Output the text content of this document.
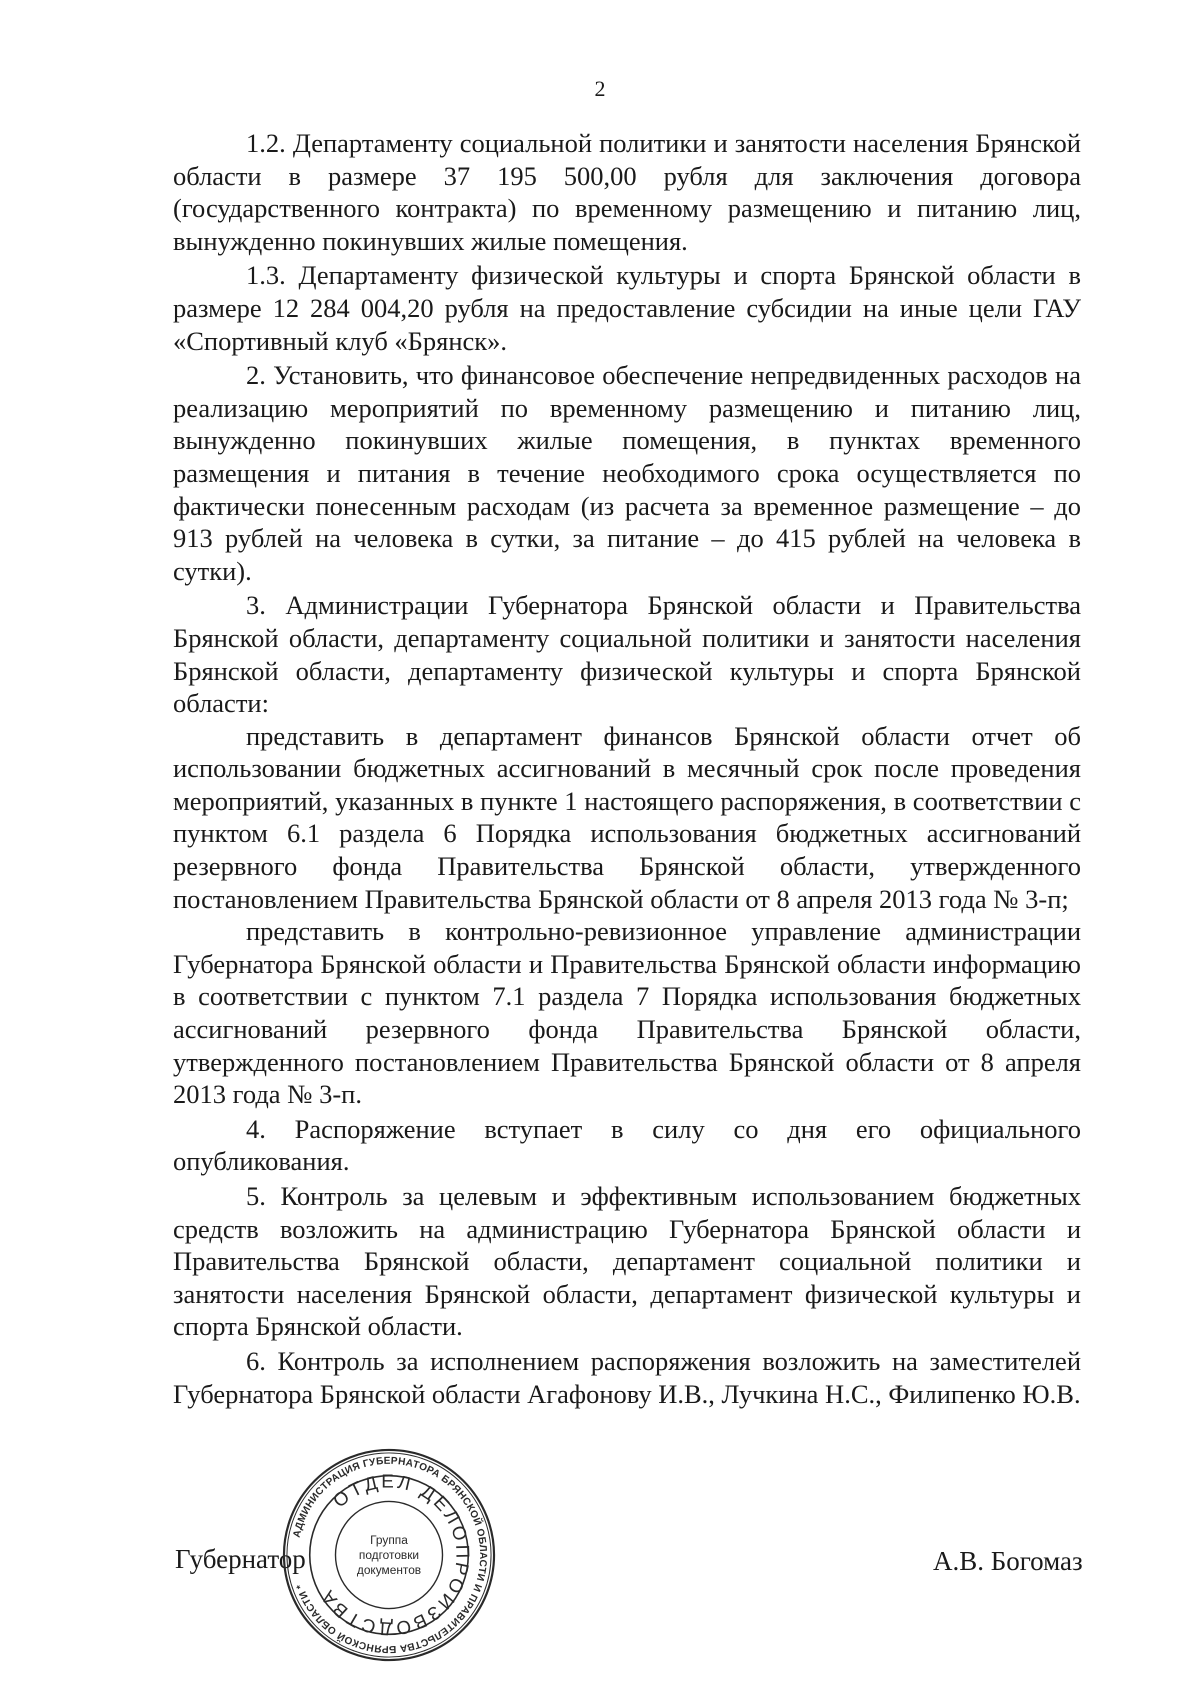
2

1.2. Департаменту социальной политики и занятости населения Брянской области в размере 37 195 500,00 рубля для заключения договора (государственного контракта) по временному размещению и питанию лиц, вынужденно покинувших жилые помещения.

1.3. Департаменту физической культуры и спорта Брянской области в размере 12 284 004,20 рубля на предоставление субсидии на иные цели ГАУ «Спортивный клуб «Брянск».

2. Установить, что финансовое обеспечение непредвиденных расходов на реализацию мероприятий по временному размещению и питанию лиц, вынужденно покинувших жилые помещения, в пунктах временного размещения и питания в течение необходимого срока осуществляется по фактически понесенным расходам (из расчета за временное размещение – до 913 рублей на человека в сутки, за питание – до 415 рублей на человека в сутки).

3. Администрации Губернатора Брянской области и Правительства Брянской области, департаменту социальной политики и занятости населения Брянской области, департаменту физической культуры и спорта Брянской области:

представить в департамент финансов Брянской области отчет об использовании бюджетных ассигнований в месячный срок после проведения мероприятий, указанных в пункте 1 настоящего распоряжения, в соответствии с пунктом 6.1 раздела 6 Порядка использования бюджетных ассигнований резервного фонда Правительства Брянской области, утвержденного постановлением Правительства Брянской области от 8 апреля 2013 года № 3-п;

представить в контрольно-ревизионное управление администрации Губернатора Брянской области и Правительства Брянской области информацию в соответствии с пунктом 7.1 раздела 7 Порядка использования бюджетных ассигнований резервного фонда Правительства Брянской области, утвержденного постановлением Правительства Брянской области от 8 апреля 2013 года № 3-п.

4. Распоряжение вступает в силу со дня его официального опубликования.

5. Контроль за целевым и эффективным использованием бюджетных средств возложить на администрацию Губернатора Брянской области и Правительства Брянской области, департамент социальной политики и занятости населения Брянской области, департамент физической культуры и спорта Брянской области.

6. Контроль за исполнением распоряжения возложить на заместителей Губернатора Брянской области Агафонову И.В., Лучкина Н.С., Филипенко Ю.В.

Губернатор	А.В. Богомаз
АДМИНИСТРАЦИЯ ГУБЕРНАТОРА БРЯНСКОЙ ОБЛАСТИ И ПРАВИТЕЛЬСТВА БРЯНСКОЙ ОБЛАСТИ *
ОТДЕЛ ДЕЛОПРОИЗВОДСТВА
Группа
подготовки
документов
